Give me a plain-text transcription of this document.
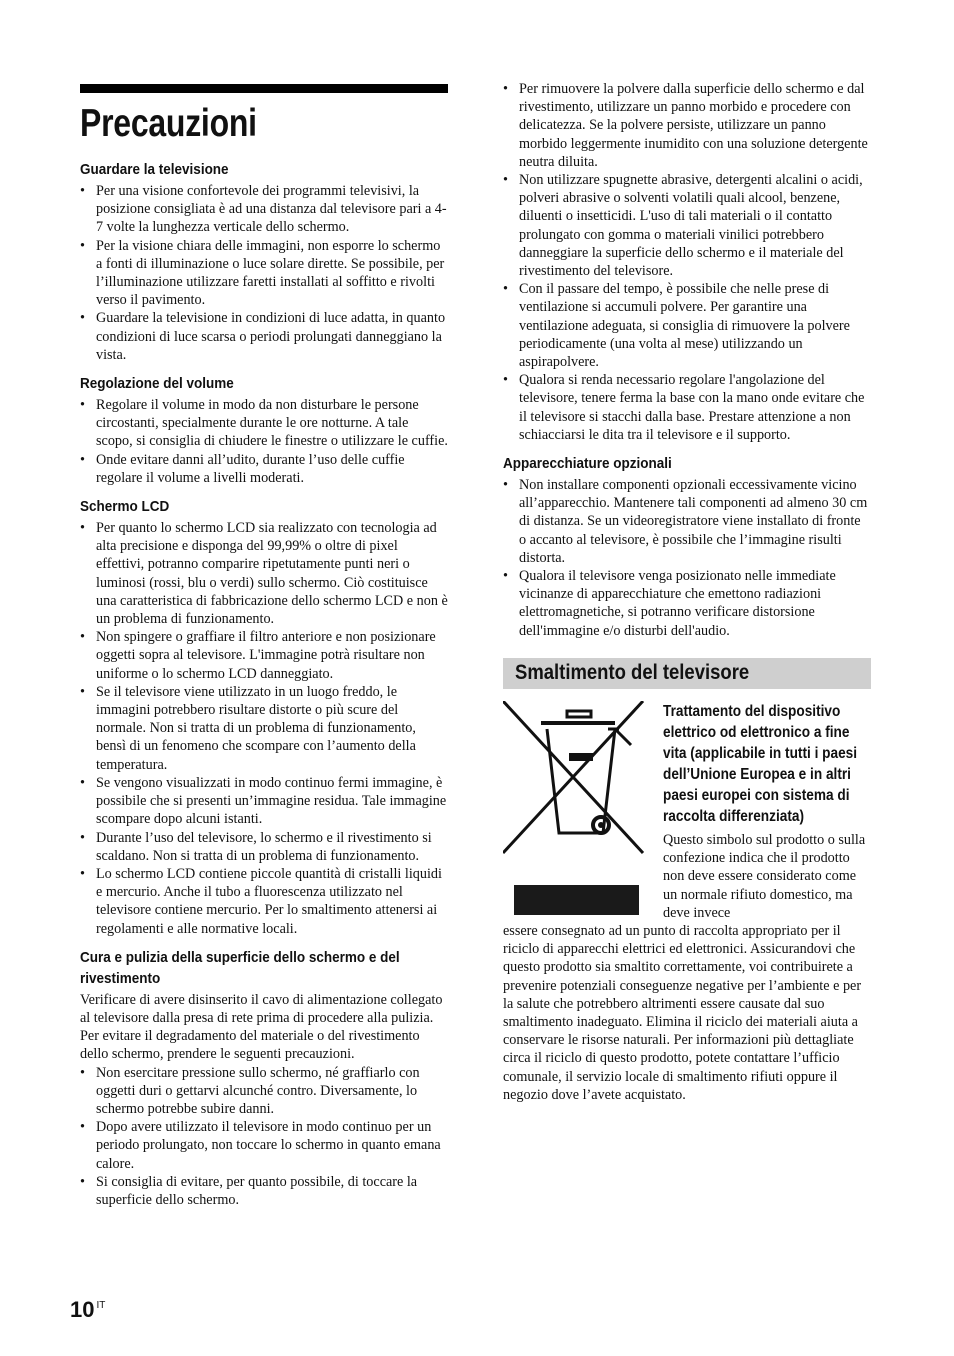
Precauzioni
Guardare la televisione
• Per una visione confortevole dei programmi televisivi, la posizione consigliata è ad una distanza dal televisore pari a 4-7 volte la lunghezza verticale dello schermo.
• Per la visione chiara delle immagini, non esporre lo schermo a fonti di illuminazione o luce solare dirette. Se possibile, per l’illuminazione utilizzare faretti installati al soffitto e rivolti verso il pavimento.
• Guardare la televisione in condizioni di luce adatta, in quanto condizioni di luce scarsa o periodi prolungati danneggiano la vista.
Regolazione del volume
• Regolare il volume in modo da non disturbare le persone circostanti, specialmente durante le ore notturne. A tale scopo, si consiglia di chiudere le finestre o utilizzare le cuffie.
• Onde evitare danni all’udito, durante l’uso delle cuffie regolare il volume a livelli moderati.
Schermo LCD
• Per quanto lo schermo LCD sia realizzato con tecnologia ad alta precisione e disponga del 99,99% o oltre di pixel effettivi, potranno comparire ripetutamente punti neri o luminosi (rossi, blu o verdi) sullo schermo. Ciò costituisce una caratteristica di fabbricazione dello schermo LCD e non è un problema di funzionamento.
• Non spingere o graffiare il filtro anteriore e non posizionare oggetti sopra al televisore. L'immagine potrà risultare non uniforme o lo schermo LCD danneggiato.
• Se il televisore viene utilizzato in un luogo freddo, le immagini potrebbero risultare distorte o più scure del normale. Non si tratta di un problema di funzionamento, bensì di un fenomeno che scompare con l’aumento della temperatura.
• Se vengono visualizzati in modo continuo fermi immagine, è possibile che si presenti un’immagine residua. Tale immagine scompare dopo alcuni istanti.
• Durante l’uso del televisore, lo schermo e il rivestimento si scaldano. Non si tratta di un problema di funzionamento.
• Lo schermo LCD contiene piccole quantità di cristalli liquidi e mercurio. Anche il tubo a fluorescenza utilizzato nel televisore contiene mercurio. Per lo smaltimento attenersi ai regolamenti e alle normative locali.
Cura e pulizia della superficie dello schermo e del rivestimento

Verificare di avere disinserito il cavo di alimentazione collegato al televisore dalla presa di rete prima di procedere alla pulizia.

Per evitare il degradamento del materiale o del rivestimento dello schermo, prendere le seguenti precauzioni.

• Non esercitare pressione sullo schermo, né graffiarlo con oggetti duri o gettarvi alcunché contro. Diversamente, lo schermo potrebbe subire danni.
• Dopo avere utilizzato il televisore in modo continuo per un periodo prolungato, non toccare lo schermo in quanto emana calore.
• Si consiglia di evitare, per quanto possibile, di toccare la superficie dello schermo.
• Per rimuovere la polvere dalla superficie dello schermo e dal rivestimento, utilizzare un panno morbido e procedere con delicatezza. Se la polvere persiste, utilizzare un panno morbido leggermente inumidito con una soluzione detergente neutra diluita.
• Non utilizzare spugnette abrasive, detergenti alcalini o acidi, polveri abrasive o solventi volatili quali alcool, benzene, diluenti o insetticidi. L'uso di tali materiali o il contatto prolungato con gomma o materiali vinilici potrebbero danneggiare la superficie dello schermo e il materiale del rivestimento del televisore.
• Con il passare del tempo, è possibile che nelle prese di ventilazione si accumuli polvere. Per garantire una ventilazione adeguata, si consiglia di rimuovere la polvere periodicamente (una volta al mese) utilizzando un aspirapolvere.
• Qualora si renda necessario regolare l'angolazione del televisore, tenere ferma la base con la mano onde evitare che il televisore si stacchi dalla base. Prestare attenzione a non schiacciarsi le dita tra il televisore e il supporto.
Apparecchiature opzionali
• Non installare componenti opzionali eccessivamente vicino all’apparecchio. Mantenere tali componenti ad almeno 30 cm di distanza. Se un videoregistratore viene installato di fronte o accanto al televisore, è possibile che l’immagine risulti distorta.
• Qualora il televisore venga posizionato nelle immediate vicinanze di apparecchiature che emettono radiazioni elettromagnetiche, si potranno verificare distorsione dell'immagine e/o disturbi dell'audio.
Smaltimento del televisore
Trattamento del dispositivo elettrico od elettronico a fine vita (applicabile in tutti i paesi dell’Unione Europea e in altri paesi europei con sistema di raccolta differenziata)

Questo simbolo sul prodotto o sulla confezione indica che il prodotto non deve essere considerato come un normale rifiuto domestico, ma deve invece

essere consegnato ad un punto di raccolta appropriato per il riciclo di apparecchi elettrici ed elettronici. Assicurandovi che questo prodotto sia smaltito correttamente, voi contribuirete a prevenire potenziali conseguenze negative per l’ambiente e per la salute che potrebbero altrimenti essere causate dal suo smaltimento inadeguato. Elimina il riciclo dei materiali aiuta a conservare le risorse naturali. Per informazioni più dettagliate circa il riciclo di questo prodotto, potete contattare l’ufficio comunale, il servizio locale di smaltimento rifiuti oppure il negozio dove l’avete acquistato.

10 $^{IT}$
